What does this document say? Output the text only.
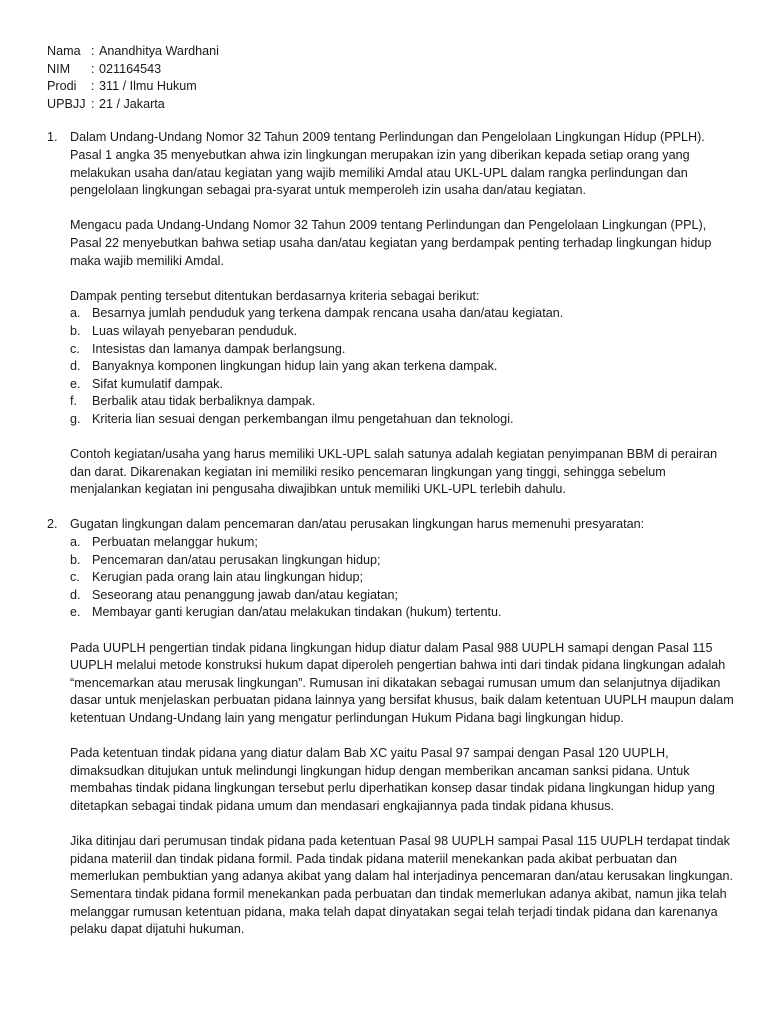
Nama : Anandhitya Wardhani
NIM	: 021164543
Prodi	: 311 / Ilmu Hukum
UPBJJ : 21 / Jakarta
1. Dalam Undang-Undang Nomor 32 Tahun 2009 tentang Perlindungan dan Pengelolaan Lingkungan Hidup (PPLH). Pasal 1 angka 35 menyebutkan ahwa izin lingkungan merupakan izin yang diberikan kepada setiap orang yang melakukan usaha dan/atau kegiatan yang wajib memiliki Amdal atau UKL-UPL dalam rangka perlindungan dan pengelolaan lingkungan sebagai pra-syarat untuk memperoleh izin usaha dan/atau kegiatan.

Mengacu pada Undang-Undang Nomor 32 Tahun 2009 tentang Perlindungan dan Pengelolaan Lingkungan (PPL), Pasal 22 menyebutkan bahwa setiap usaha dan/atau kegiatan yang berdampak penting terhadap lingkungan hidup maka wajib memiliki Amdal.

Dampak penting tersebut ditentukan berdasarnya kriteria sebagai berikut:

a. Besarnya jumlah penduduk yang terkena dampak rencana usaha dan/atau kegiatan.
b. Luas wilayah penyebaran penduduk.
c. Intesistas dan lamanya dampak berlangsung.
d. Banyaknya komponen lingkungan hidup lain yang akan terkena dampak.
e. Sifat kumulatif dampak.
f.	Berbalik atau tidak berbaliknya dampak.
g. Kriteria lian sesuai dengan perkembangan ilmu pengetahuan dan teknologi.

Contoh kegiatan/usaha yang harus memiliki UKL-UPL salah satunya adalah kegiatan penyimpanan BBM di perairan dan darat. Dikarenakan kegiatan ini memiliki resiko pencemaran lingkungan yang tinggi, sehingga sebelum menjalankan kegiatan ini pengusaha diwajibkan untuk memiliki UKL-UPL terlebih dahulu.

2. Gugatan lingkungan dalam pencemaran dan/atau perusakan lingkungan harus memenuhi presyaratan:

a. Perbuatan melanggar hukum;
b. Pencemaran dan/atau perusakan lingkungan hidup;
c. Kerugian pada orang lain atau lingkungan hidup;
d. Seseorang atau penanggung jawab dan/atau kegiatan;
e. Membayar ganti kerugian dan/atau melakukan tindakan (hukum) tertentu.

Pada UUPLH pengertian tindak pidana lingkungan hidup diatur dalam Pasal 988 UUPLH samapi dengan Pasal 115 UUPLH melalui metode konstruksi hukum dapat diperoleh pengertian bahwa inti dari tindak pidana lingkungan adalah “mencemarkan atau merusak lingkungan”. Rumusan ini dikatakan sebagai rumusan umum dan selanjutnya dijadikan dasar untuk menjelaskan perbuatan pidana lainnya yang bersifat khusus, baik dalam ketentuan UUPLH maupun dalam ketentuan Undang-Undang lain yang mengatur perlindungan Hukum Pidana bagi lingkungan hidup.

Pada ketentuan tindak pidana yang diatur dalam Bab XC yaitu Pasal 97 sampai dengan Pasal 120 UUPLH, dimaksudkan ditujukan untuk melindungi lingkungan hidup dengan memberikan ancaman sanksi pidana. Untuk membahas tindak pidana lingkungan tersebut perlu diperhatikan konsep dasar tindak pidana lingkungan hidup yang ditetapkan sebagai tindak pidana umum dan mendasari engkajiannya pada tindak pidana khusus.

Jika ditinjau dari perumusan tindak pidana pada ketentuan Pasal 98 UUPLH sampai Pasal 115 UUPLH terdapat tindak pidana materiil dan tindak pidana formil. Pada tindak pidana materiil menekankan pada akibat perbuatan dan memerlukan pembuktian yang adanya akibat yang dalam hal interjadinya pencemaran dan/atau kerusakan lingkungan. Sementara tindak pidana formil menekankan pada perbuatan dan tindak memerlukan adanya akibat, namun jika telah melanggar rumusan ketentuan pidana, maka telah dapat dinyatakan segai telah terjadi tindak pidana dan karenanya pelaku dapat dijatuhi hukuman.
